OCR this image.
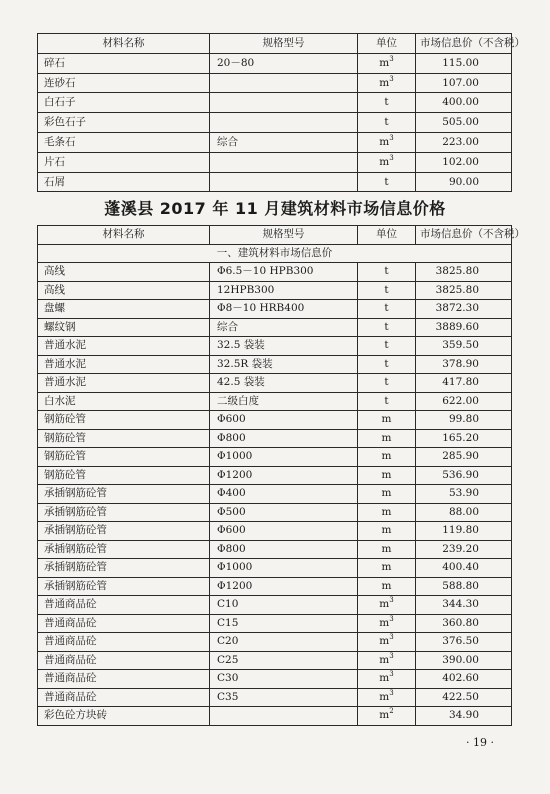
材料名称	规格型号	单位	市场信息价（不含税）
碎石	20－80	$m^3$	115.00
连砂石		$m^3$	107.00
白石子		t	400.00
彩色石子		t	505.00
毛条石	综合	$m^3$	223.00
片石		$m^3$	102.00
石屑		t	90.00
蓬溪县 2017 年 11 月建筑材料市场信息价格
材料名称	规格型号	单位	市场信息价（不含税）
一、建筑材料市场信息价			
高线	Φ6.5－10 HPB300	t	3825.80
高线	12HPB300	t	3825.80
盘螺	Φ8－10 HRB400	t	3872.30
螺纹钢	综合	t	3889.60
普通水泥	32.5 袋装	t	359.50
普通水泥	32.5R 袋装	t	378.90
普通水泥	42.5 袋装	t	417.80
白水泥	二级白度	t	622.00
钢筋砼管	Φ600	m	99.80
钢筋砼管	Φ800	m	165.20
钢筋砼管	Φ1000	m	285.90
钢筋砼管	Φ1200	m	536.90
承插钢筋砼管	Φ400	m	53.90
承插钢筋砼管	Φ500	m	88.00
承插钢筋砼管	Φ600	m	119.80
承插钢筋砼管	Φ800	m	239.20
承插钢筋砼管	Φ1000	m	400.40
承插钢筋砼管	Φ1200	m	588.80
普通商品砼	C10	$m^3$	344.30
普通商品砼	C15	$m^3$	360.80
普通商品砼	C20	$m^3$	376.50
普通商品砼	C25	$m^3$	390.00
普通商品砼	C30	$m^3$	402.60
普通商品砼	C35	$m^3$	422.50
彩色砼方块砖		$m^2$	34.90
· 19 ·
